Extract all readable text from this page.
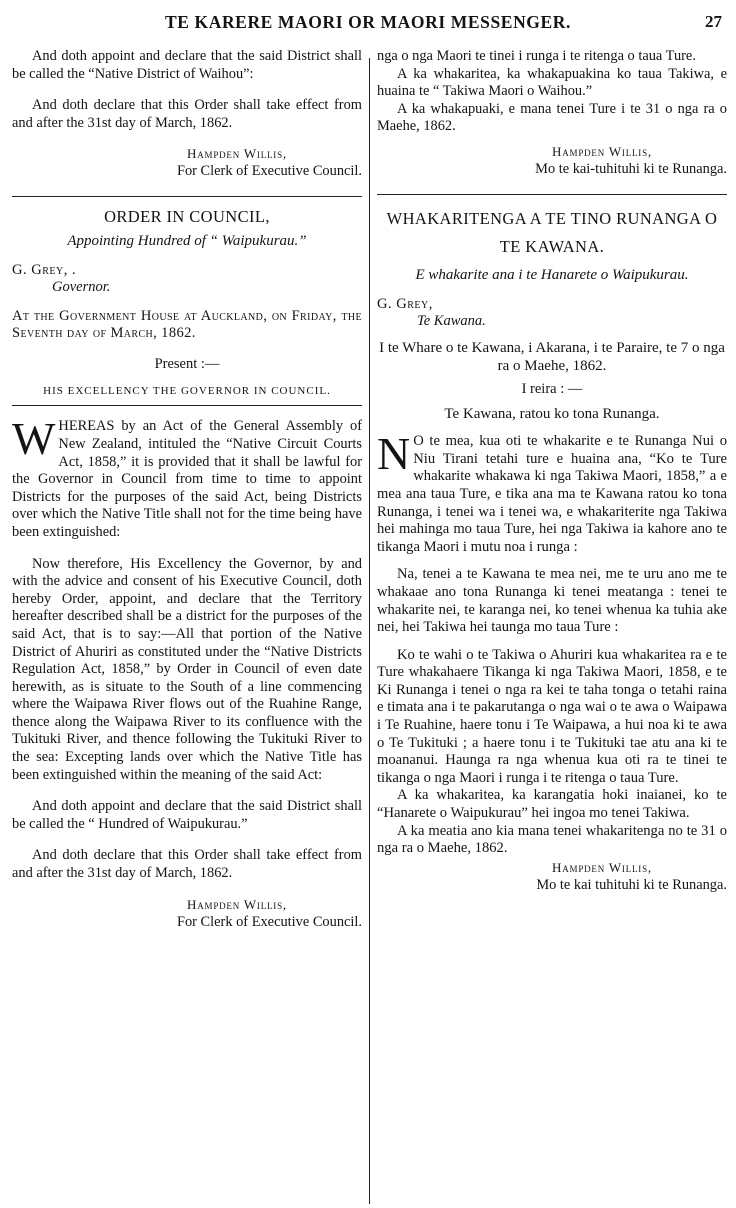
TE KARERE MAORI OR MAORI MESSENGER.	27

And doth appoint and declare that the said District shall be called the “Native District of Waihou”:

And doth declare that this Order shall take effect from and after the 31st day of March, 1862.

Hampden Willis,

For Clerk of Executive Council.

ORDER IN COUNCIL,
Appointing Hundred of “ Waipukurau.”

G. Grey, .

Governor.

At the Government House at Auckland, on Friday, the Seventh day of March, 1862.

Present :—

HIS EXCELLENCY THE GOVERNOR IN COUNCIL.

WHEREAS by an Act of the General Assembly of New Zealand, intituled the “Native Circuit Courts Act, 1858,” it is provided that it shall be lawful for the Governor in Council from time to time to appoint Districts for the purposes of the said Act, being Districts over which the Native Title shall not for the time being have been extinguished:

Now therefore, His Excellency the Governor, by and with the advice and consent of his Executive Council, doth hereby Order, appoint, and declare that the Territory hereafter described shall be a district for the purposes of the said Act, that is to say:—All that portion of the Native District of Ahuriri as constituted under the “Native Districts Regulation Act, 1858,” by Order in Council of even date herewith, as is situate to the South of a line commencing where the Waipawa River flows out of the Ruahine Range, thence along the Waipawa River to its confluence with the Tukituki River, and thence following the Tukituki River to the sea: Excepting lands over which the Native Title has been extinguished within the meaning of the said Act:

And doth appoint and declare that the said District shall be called the “ Hundred of Waipukurau.”

And doth declare that this Order shall take effect from and after the 31st day of March, 1862.

Hampden Willis,

For Clerk of Executive Council.

nga o nga Maori te tinei i runga i te ritenga o taua Ture.

A ka whakaritea, ka whakapuakina ko taua Takiwa, e huaina te “ Takiwa Maori o Waihou.”

A ka whakapuaki, e mana tenei Ture i te 31 o nga ra o Maehe, 1862.

Hampden Willis,

Mo te kai-tuhituhi ki te Runanga.

WHAKARITENGA A TE TINO RUNANGA O TE KAWANA.
E whakarite ana i te Hanarete o Waipukurau.

G. Grey,

Te Kawana.

I te Whare o te Kawana, i Akarana, i te Paraire, te 7 o nga ra o Maehe, 1862.

I reira : —

Te Kawana, ratou ko tona Runanga.

NO te mea, kua oti te whakarite e te Runanga Nui o Niu Tirani tetahi ture e huaina ana, “Ko te Ture whakarite whakawa ki nga Takiwa Maori, 1858,” a e mea ana taua Ture, e tika ana ma te Kawana ratou ko tona Runanga, i tenei wa i tenei wa, e whakariterite nga Takiwa hei mahinga mo taua Ture, hei nga Takiwa ia kahore ano te tikanga Maori i mutu noa i runga :

Na, tenei a te Kawana te mea nei, me te uru ano me te whakaae ano tona Runanga ki tenei meatanga : tenei te whakarite nei, te karanga nei, ko tenei whenua ka tuhia ake nei, hei Takiwa hei taunga mo taua Ture :

Ko te wahi o te Takiwa o Ahuriri kua whakaritea ra e te Ture whakahaere Tikanga ki nga Takiwa Maori, 1858, e te Ki Runanga i tenei o nga ra kei te taha tonga o tetahi raina e timata ana i te pakarutanga o nga wai o te awa o Waipawa i Te Ruahine, haere tonu i Te Waipawa, a hui noa ki te awa o Te Tukituki ; a haere tonu i te Tukituki tae atu ana ki te moananui. Haunga ra nga whenua kua oti ra te tinei te tikanga o nga Maori i runga i te ritenga o taua Ture.

A ka whakaritea, ka karangatia hoki inaianei, ko te “Hanarete o Waipukurau” hei ingoa mo tenei Takiwa.

A ka meatia ano kia mana tenei whakaritenga no te 31 o nga ra o Maehe, 1862.

Hampden Willis,

Mo te kai tuhituhi ki te Runanga.
